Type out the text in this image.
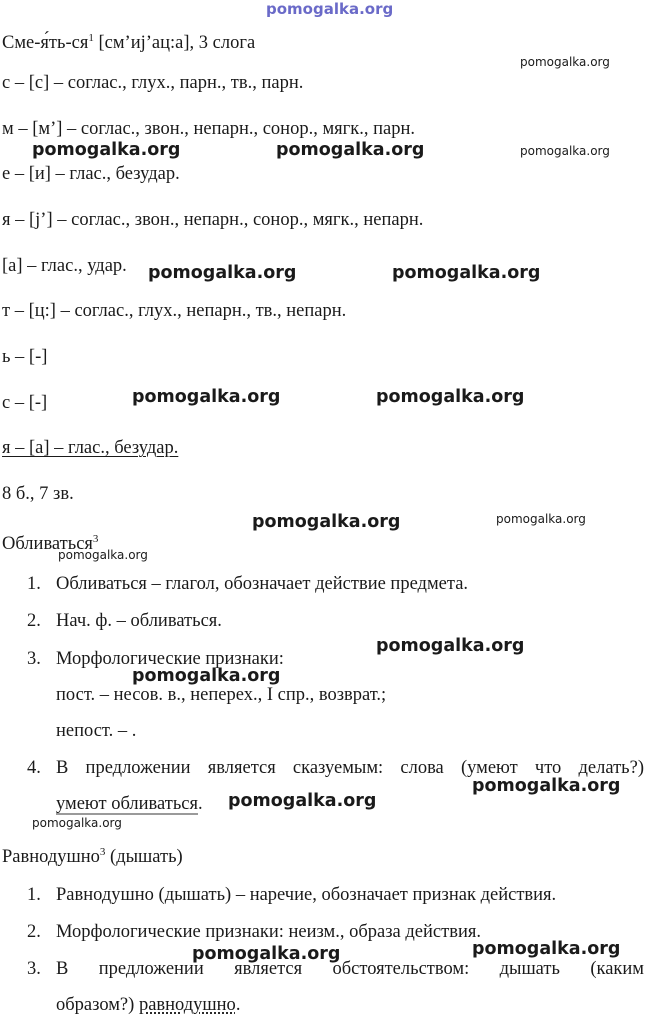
pomogalka.org
Сме-$я́ть-ся^1$ [см’иj’ац:а], 3 слога
с – [с] – соглас., глух., парн., тв., парн.
м – [м’] – соглас., звон., непарн., сонор., мягк., парн.
е – [и] – глас., безудар.
я – [j’] – соглас., звон., непарн., сонор., мягк., непарн.
[а] – глас., удар.
т – [ц:] – соглас., глух., непарн., тв., непарн.
ь – [-]
с – [-]
я – [а] – глас., безудар.
8 б., 7 зв.
Обливаться$^3$
1. Обливаться – глагол, обозначает действие предмета.
2. Нач. ф. – обливаться.
3. Морфологические признаки:
пост. – несов. в., неперех., I спр., возврат.;
непост. – .
4. В предложении является сказуемым: слова (умеют что делать?)
умеют обливаться.
Равнодушно$^3$ (дышать)
1. Равнодушно (дышать) – наречие, обозначает признак действия.
2. Морфологические признаки: неизм., образа действия.
3. В предложении является обстоятельством: дышать (каким
образом?) равнодушно.
pomogalka.org
pomogalka.org	pomogalka.org	pomogalka.org
pomogalka.org	pomogalka.org
pomogalka.org	pomogalka.org
pomogalka.org	pomogalka.org
pomogalka.org
pomogalka.org
pomogalka.org
pomogalka.org
pomogalka.org
pomogalka.org
pomogalka.org	pomogalka.org
